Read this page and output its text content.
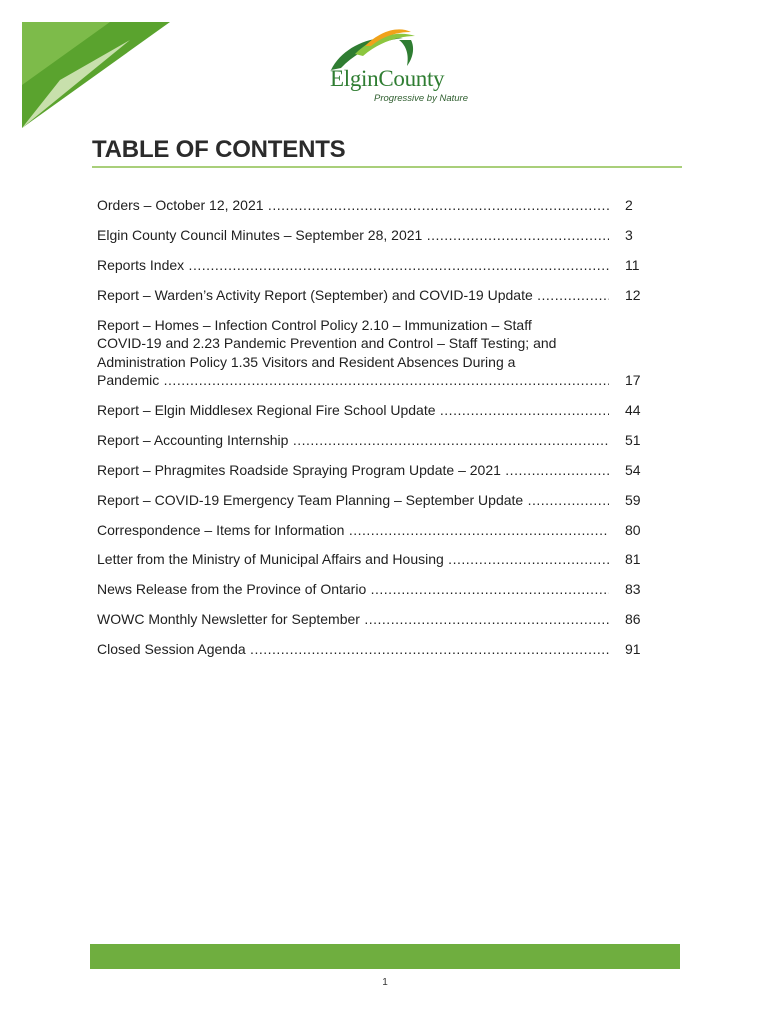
ElginCounty
Progressive by Nature
TABLE OF CONTENTS
Orders – October 12, 2021 .....	2
Elgin County Council Minutes – September 28, 2021 .....	3
Reports Index .....	11
Report – Warden’s Activity Report (September) and COVID-19 Update .....	12
Report – Homes – Infection Control Policy 2.10 – Immunization – Staff
COVID-19 and 2.23 Pandemic Prevention and Control – Staff Testing; and
Administration Policy 1.35 Visitors and Resident Absences During a
Pandemic .....	17
Report – Elgin Middlesex Regional Fire School Update .....	44
Report – Accounting Internship .....	51
Report – Phragmites Roadside Spraying Program Update – 2021 .....	54
Report – COVID-19 Emergency Team Planning – September Update .....	59
Correspondence – Items for Information .....	80
Letter from the Ministry of Municipal Affairs and Housing .....	81
News Release from the Province of Ontario .....	83
WOWC Monthly Newsletter for September .....	86
Closed Session Agenda .....	91
1
